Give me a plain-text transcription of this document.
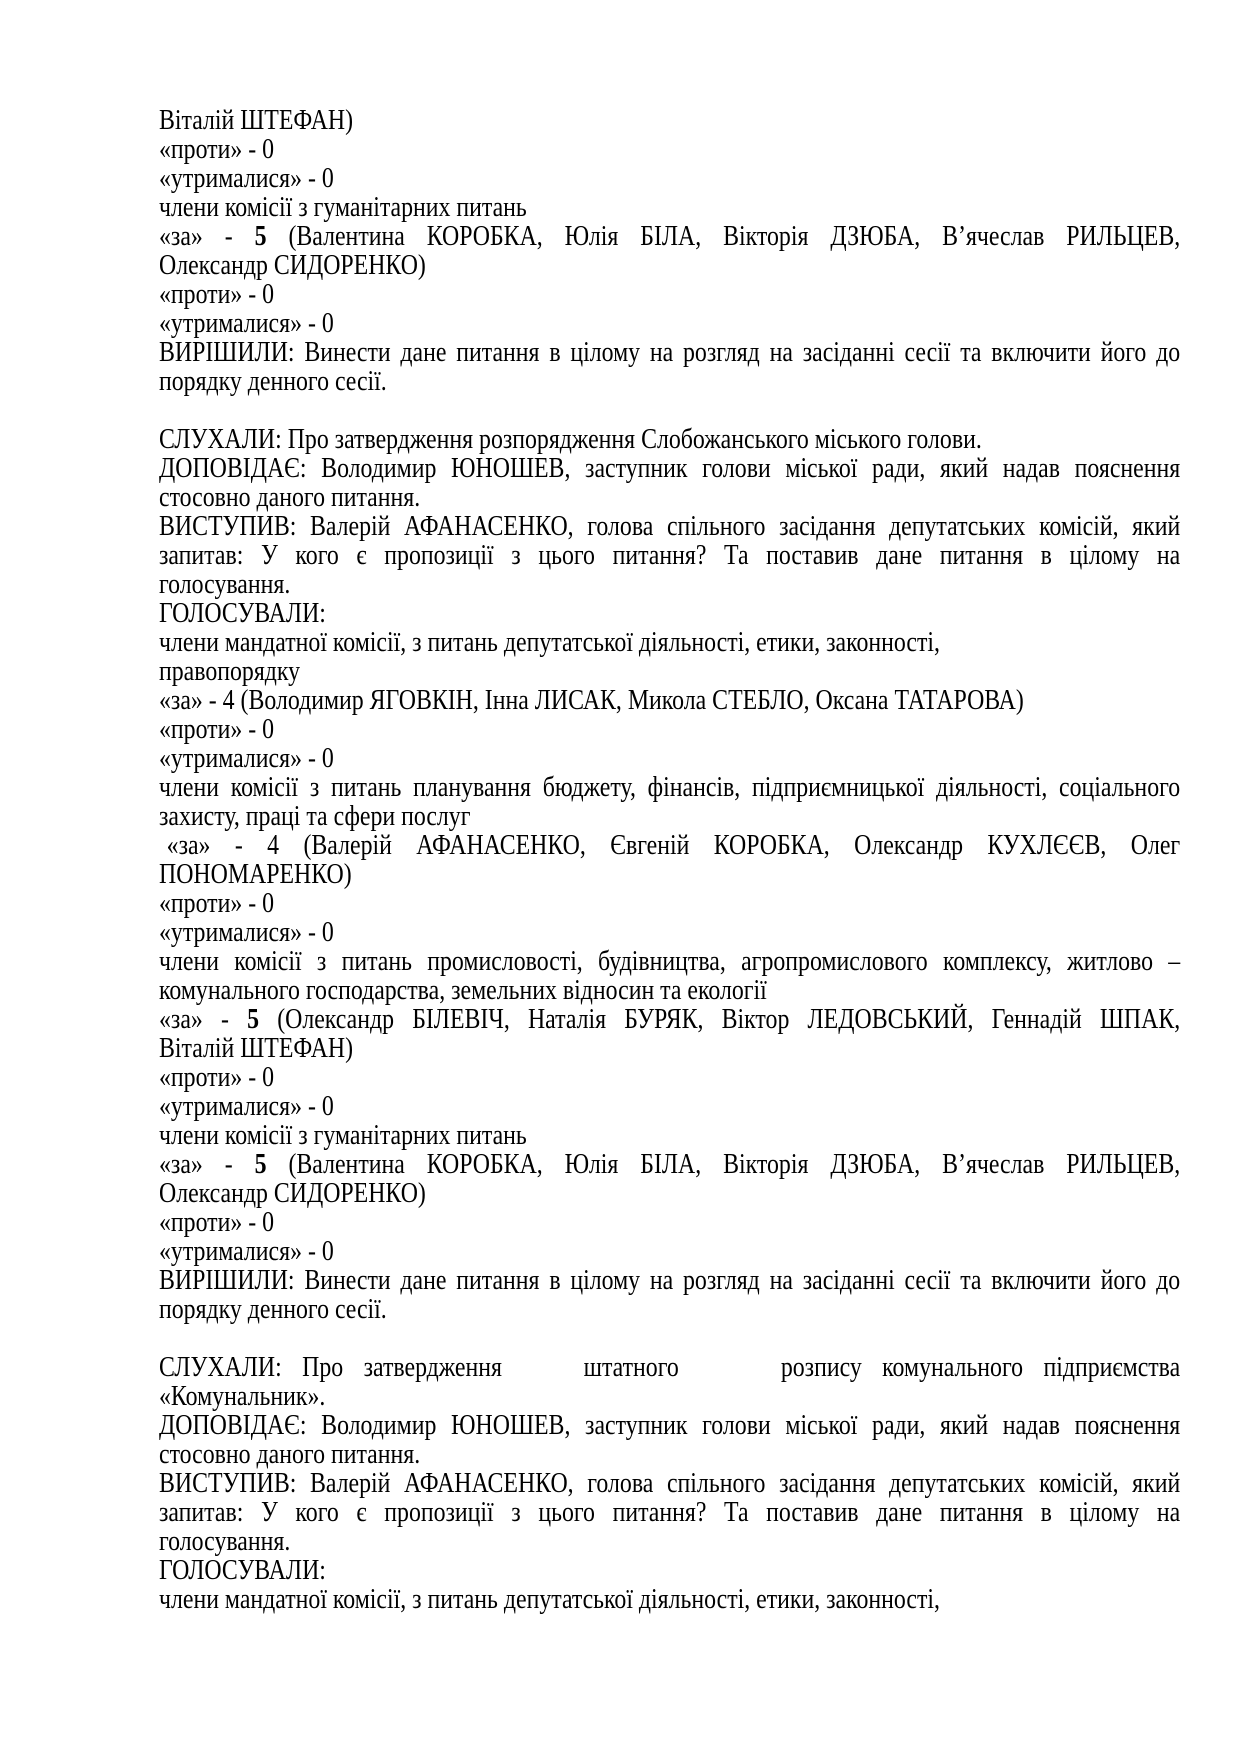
Віталій ШТЕФАН)
«проти» - 0
«утрималися» - 0
члени комісії з гуманітарних питань
«за» - 5 (Валентина КОРОБКА, Юлія БІЛА, Вікторія ДЗЮБА, В’ячеслав РИЛЬЦЕВ,
Олександр СИДОРЕНКО)
«проти» - 0
«утрималися» - 0
ВИРІШИЛИ: Винести дане питання в цілому на розгляд на засіданні сесії та включити його до
порядку денного сесії.

СЛУХАЛИ: Про затвердження розпорядження Слобожанського міського голови.
ДОПОВІДАЄ: Володимир ЮНОШЕВ, заступник голови міської ради, який надав пояснення
стосовно даного питання.
ВИСТУПИВ: Валерій АФАНАСЕНКО, голова спільного засідання депутатських комісій, який
запитав: У кого є пропозиції з цього питання? Та поставив дане питання в цілому на
голосування.
ГОЛОСУВАЛИ:
члени мандатної комісії, з питань депутатської діяльності, етики, законності,
правопорядку
«за» - 4 (Володимир ЯГОВКІН, Інна ЛИСАК, Микола СТЕБЛО, Оксана ТАТАРОВА)
«проти» - 0
«утрималися» - 0
члени комісії з питань планування бюджету, фінансів, підприємницької діяльності, соціального
захисту, праці та сфери послуг
«за» - 4 (Валерій АФАНАСЕНКО, Євгеній КОРОБКА, Олександр КУХЛЄЄВ, Олег
ПОНОМАРЕНКО)
«проти» - 0
«утрималися» - 0
члени комісії з питань промисловості, будівництва, агропромислового комплексу, житлово –
комунального господарства, земельних відносин та екології
«за» - 5 (Олександр БІЛЕВІЧ, Наталія БУРЯК, Віктор ЛЕДОВСЬКИЙ, Геннадій ШПАК,
Віталій ШТЕФАН)
«проти» - 0
«утрималися» - 0
члени комісії з гуманітарних питань
«за» - 5 (Валентина КОРОБКА, Юлія БІЛА, Вікторія ДЗЮБА, В’ячеслав РИЛЬЦЕВ,
Олександр СИДОРЕНКО)
«проти» - 0
«утрималися» - 0
ВИРІШИЛИ: Винести дане питання в цілому на розгляд на засіданні сесії та включити його до
порядку денного сесії.

СЛУХАЛИ: Про затвердження    штатного     розпису комунального підприємства
«Комунальник».
ДОПОВІДАЄ: Володимир ЮНОШЕВ, заступник голови міської ради, який надав пояснення
стосовно даного питання.
ВИСТУПИВ: Валерій АФАНАСЕНКО, голова спільного засідання депутатських комісій, який
запитав: У кого є пропозиції з цього питання? Та поставив дане питання в цілому на
голосування.
ГОЛОСУВАЛИ:
члени мандатної комісії, з питань депутатської діяльності, етики, законності,
